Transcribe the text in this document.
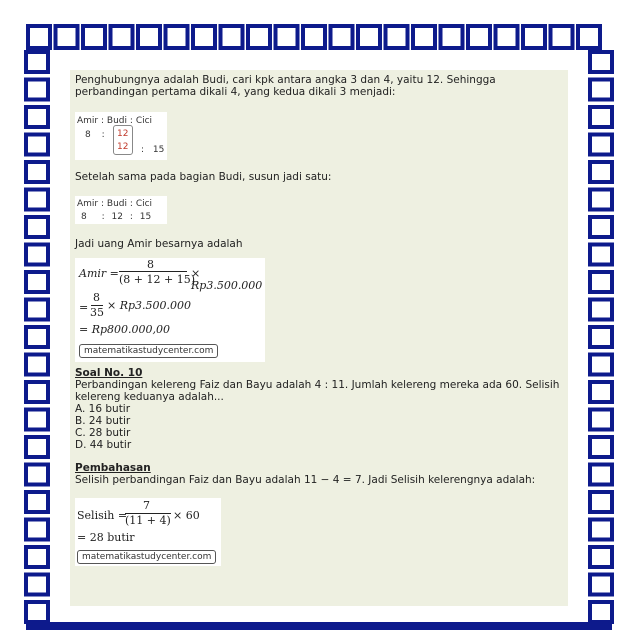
Penghubungnya adalah Budi, cari kpk antara angka 3 dan 4, yaitu 12. Sehingga perbandingan pertama dikali 4, yang kedua dikali 3 menjadi:

Amir : Budi : Cici
8 : 12
12 : 15

Setelah sama pada bagian Budi, susun jadi satu:

Amir : Budi : Cici
8 : 12 : 15

Jadi uang Amir besarnya adalah

Amir =
8
(8 + 12 + 15)
× Rp3.500.000
=
8
35
× Rp3.500.000
= Rp800.000,00
matematikastudycenter.com

Soal No. 10

Perbandingan kelereng Faiz dan Bayu adalah 4 : 11. Jumlah kelereng mereka ada 60. Selisih kelereng keduanya adalah...

A. 16 butir

B. 24 butir

C. 28 butir

D. 44 butir

Pembahasan

Selisih perbandingan Faiz dan Bayu adalah 11 − 4 = 7. Jadi Selisih kelerengnya adalah:

Selisih =
7
(11 + 4) × 60
= 28 butir
matematikastudycenter.com
